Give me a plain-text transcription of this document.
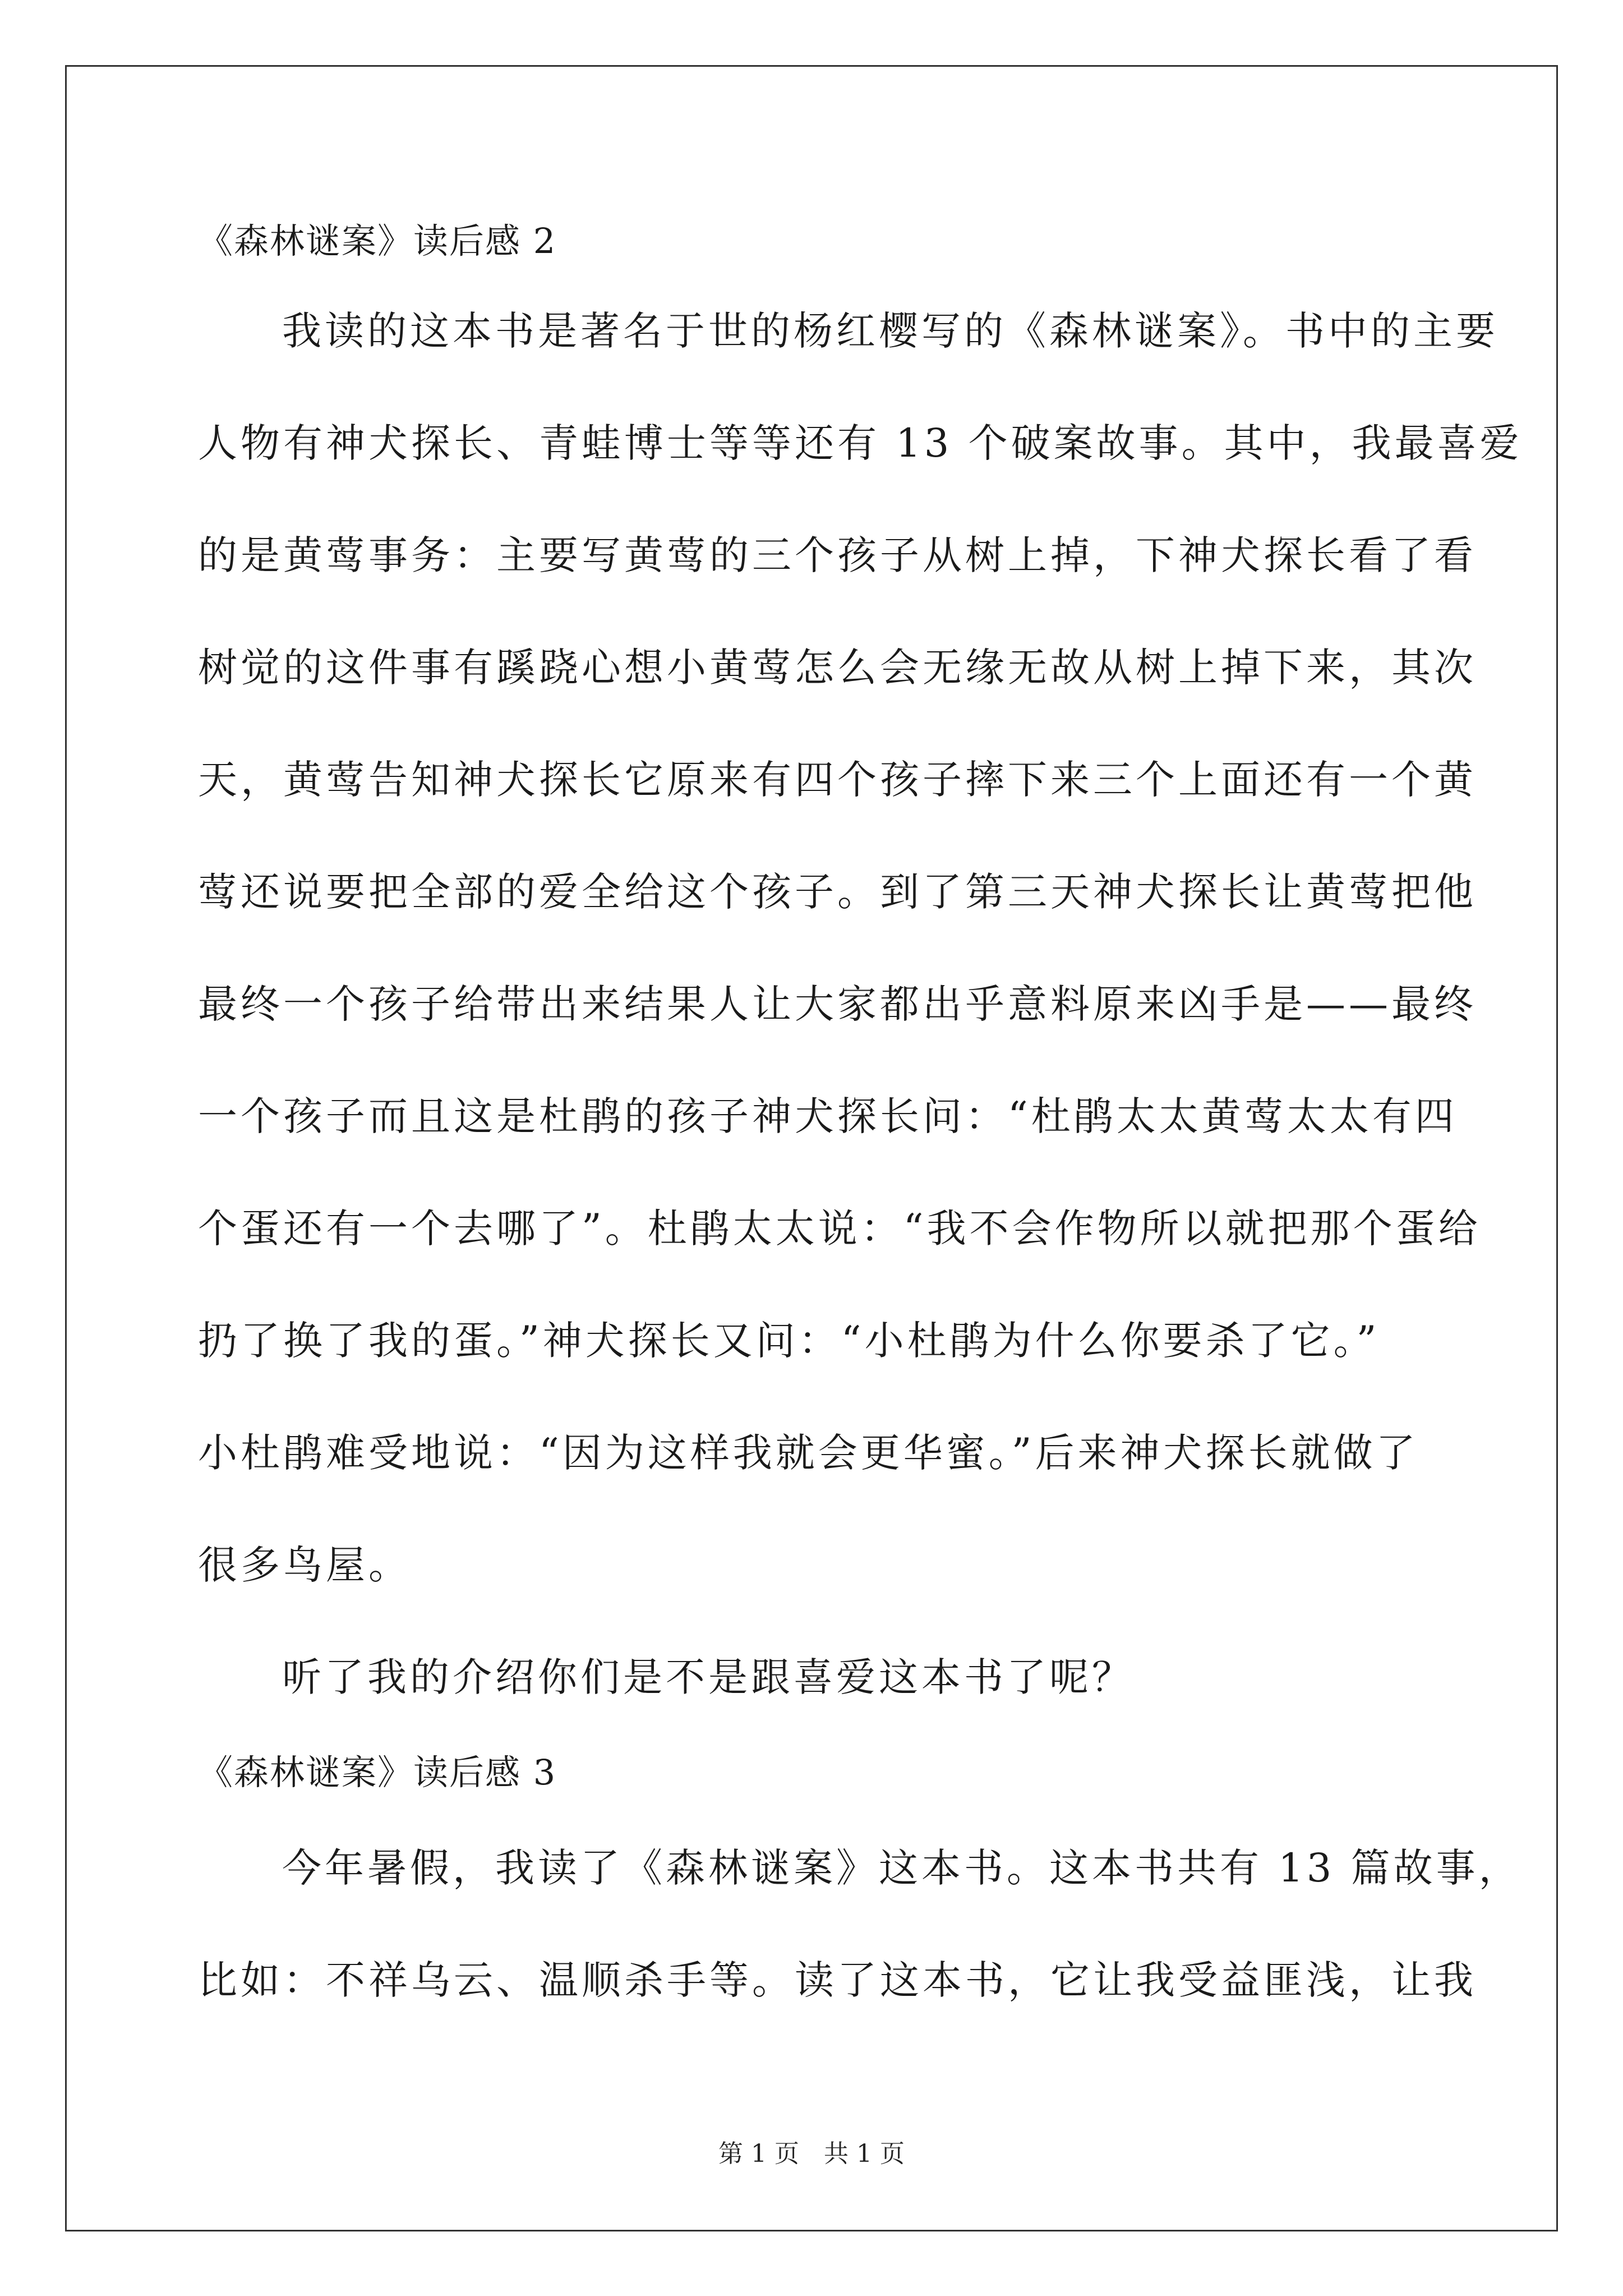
《森林谜案》读后感 2
我读的这本书是著名于世的杨红樱写的《森林谜案》。书中的主要
人物有神犬探长、青蛙博士等等还有 13 个破案故事。其中，我最喜爱
的是黄莺事务：主要写黄莺的三个孩子从树上掉，下神犬探长看了看
树觉的这件事有蹊跷心想小黄莺怎么会无缘无故从树上掉下来，其次
天，黄莺告知神犬探长它原来有四个孩子摔下来三个上面还有一个黄
莺还说要把全部的爱全给这个孩子。到了第三天神犬探长让黄莺把他
最终一个孩子给带出来结果人让大家都出乎意料原来凶手是——最终
一个孩子而且这是杜鹃的孩子神犬探长问：“杜鹃太太黄莺太太有四
个蛋还有一个去哪了”。杜鹃太太说：“我不会作物所以就把那个蛋给
扔了换了我的蛋。”神犬探长又问：“小杜鹃为什么你要杀了它。”
小杜鹃难受地说：“因为这样我就会更华蜜。”后来神犬探长就做了
很多鸟屋。
听了我的介绍你们是不是跟喜爱这本书了呢？
《森林谜案》读后感 3
今年暑假，我读了《森林谜案》这本书。这本书共有 13 篇故事，
比如：不祥乌云、温顺杀手等。读了这本书，它让我受益匪浅，让我
第 1 页　共 1 页
